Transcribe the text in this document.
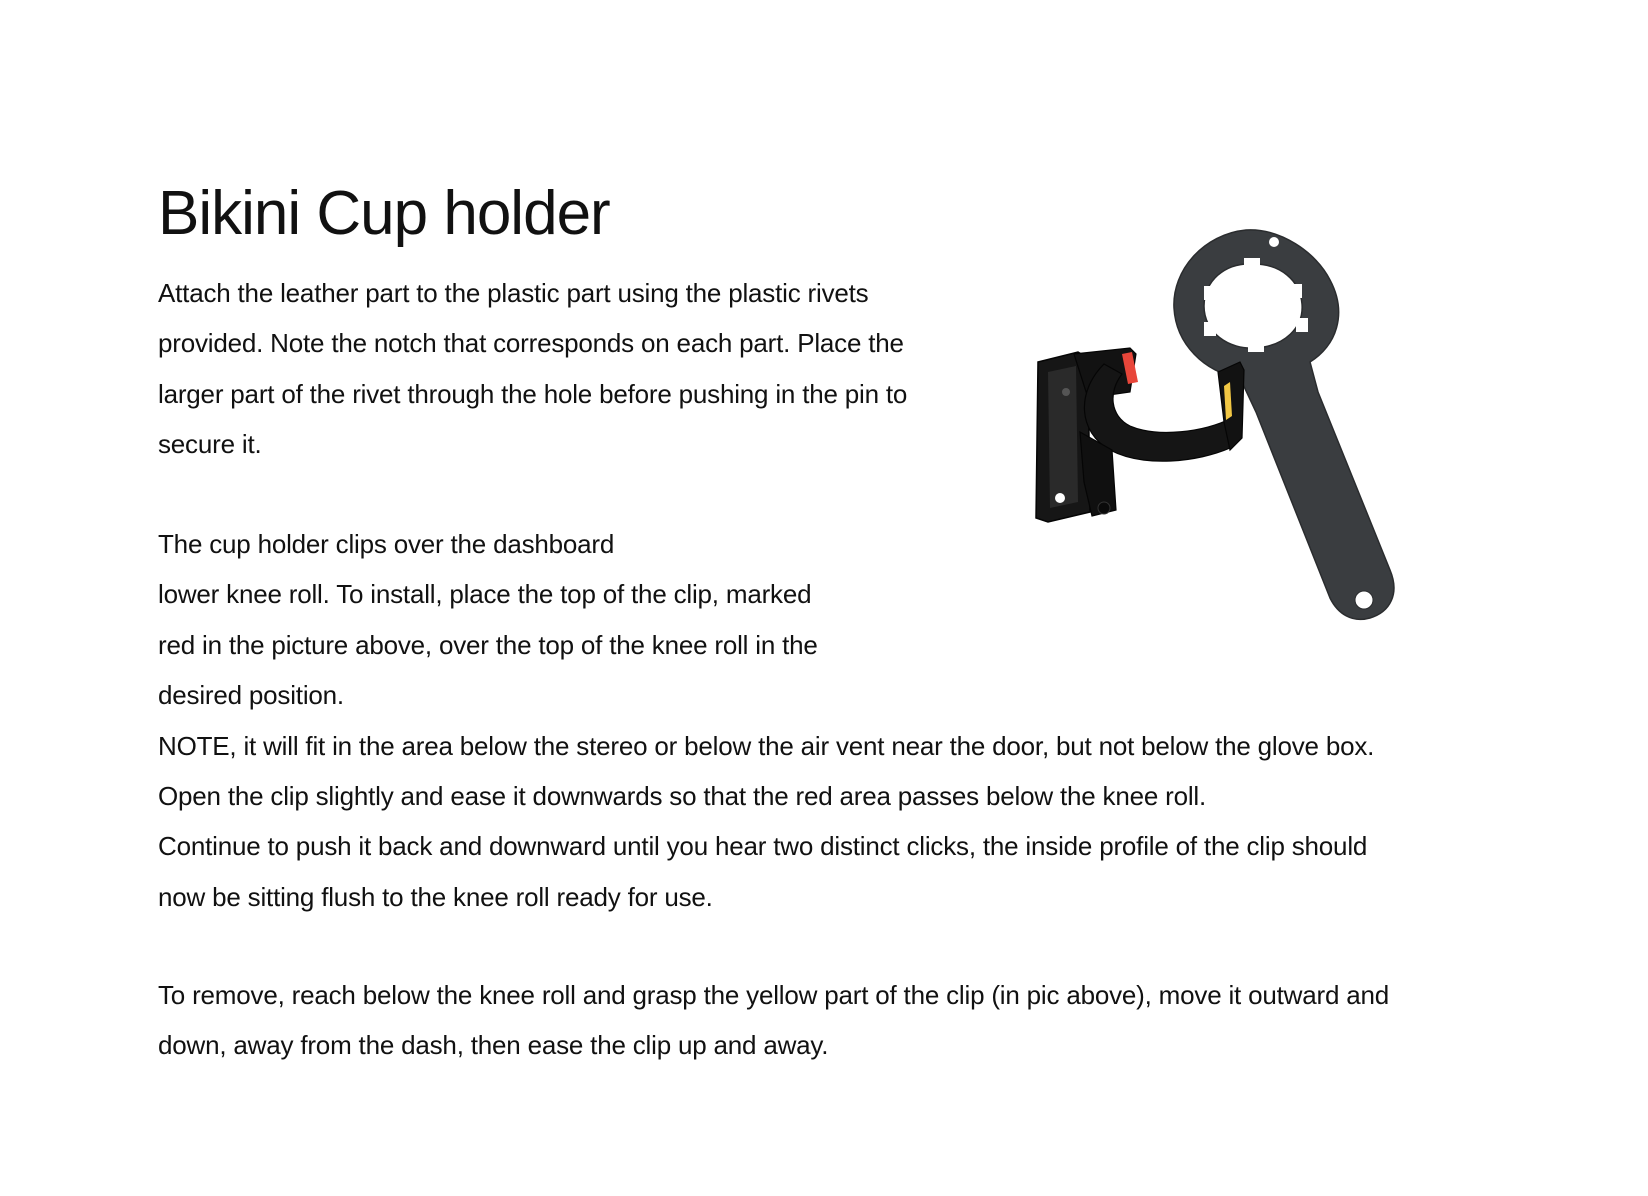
Bikini Cup holder
Attach the leather part to the plastic part using the plastic rivets
provided. Note the notch that corresponds on each part. Place the
larger part of the rivet through the hole before pushing in the pin to
secure it.
The cup holder clips over the dashboard
lower knee roll. To install, place the top of the clip, marked
red in the picture above, over the top of the knee roll in the
desired position.
NOTE, it will fit in the area below the stereo or below the air vent near the door, but not below the glove box.
Open the clip slightly and ease it downwards so that the red area passes below the knee roll.
Continue to push it back and downward until you hear two distinct clicks, the inside profile of the clip should
now be sitting flush to the knee roll ready for use.
To remove, reach below the knee roll and grasp the yellow part of the clip (in pic above), move it outward and
down, away from the dash, then ease the clip up and away.
